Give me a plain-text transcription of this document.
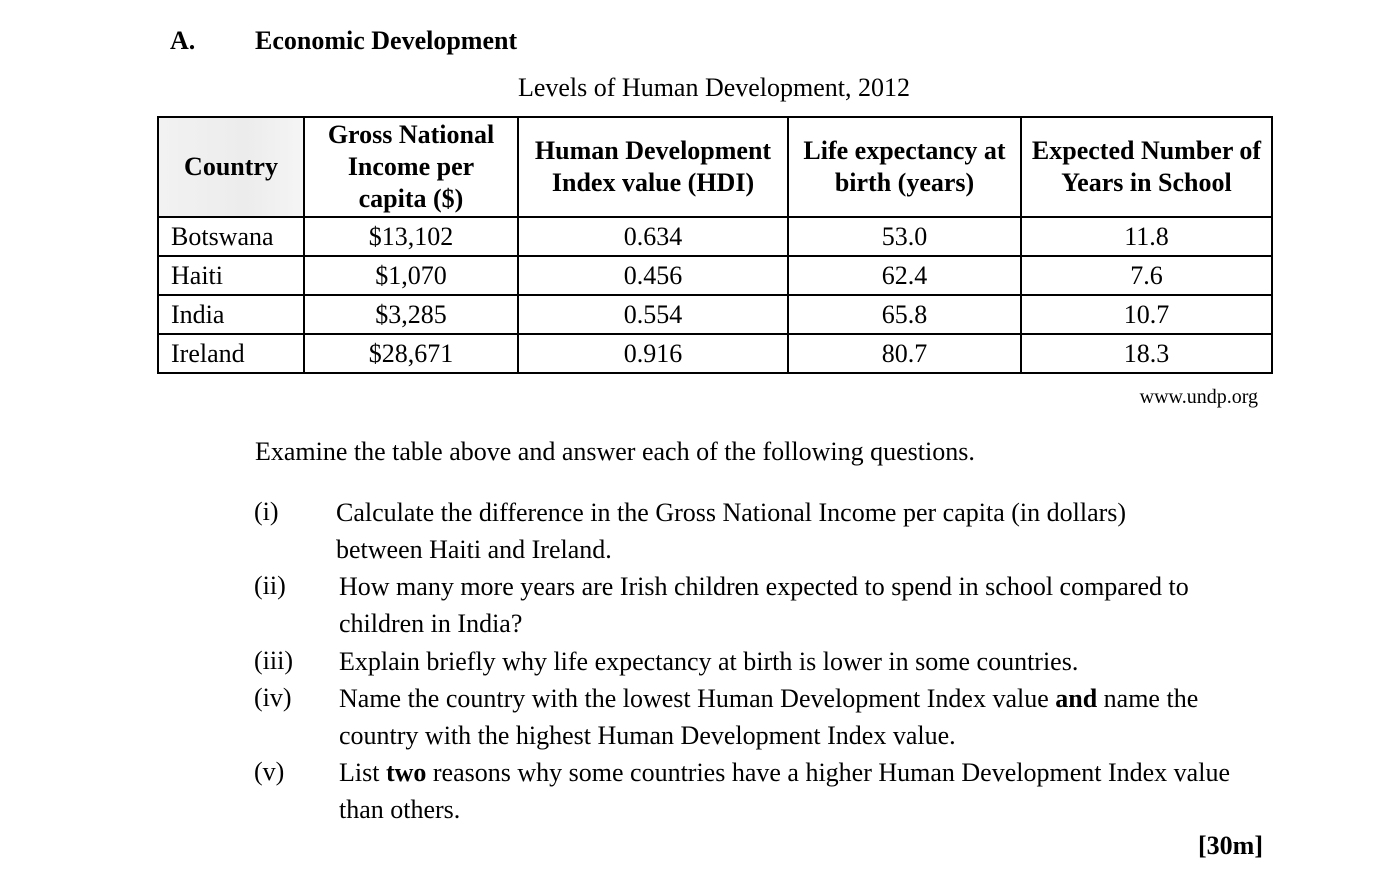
A. Economic Development
Levels of Human Development, 2012
Country	Gross National Income per capita ($)	Human Development Index value (HDI)	Life expectancy at birth (years)	Expected Number of Years in School
Botswana	$13,102	0.634	53.0	11.8
Haiti	$1,070	0.456	62.4	7.6
India	$3,285	0.554	65.8	10.7
Ireland	$28,671	0.916	80.7	18.3
www.undp.org
Examine the table above and answer each of the following questions.
(i) Calculate the difference in the Gross National Income per capita (in dollars) between Haiti and Ireland.
(ii) How many more years are Irish children expected to spend in school compared to children in India?
(iii) Explain briefly why life expectancy at birth is lower in some countries.
(iv) Name the country with the lowest Human Development Index value and name the country with the highest Human Development Index value.
(v) List two reasons why some countries have a higher Human Development Index value than others.
[30m]
